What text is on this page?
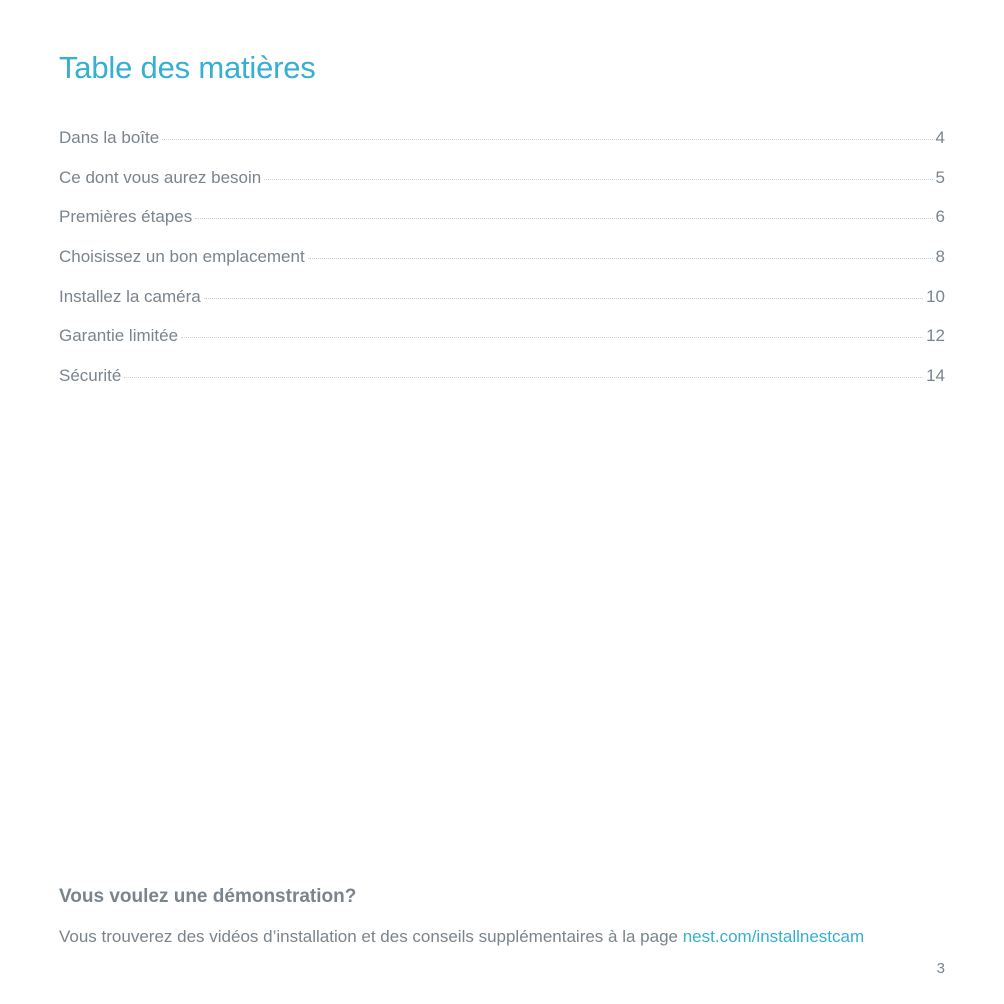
Table des matières
Dans la boîte	4
Ce dont vous aurez besoin	5
Premières étapes	6
Choisissez un bon emplacement	8
Installez la caméra	10
Garantie limitée	12
Sécurité	14
Vous voulez une démonstration?

Vous trouverez des vidéos d’installation et des conseils supplémentaires à la page nest.com/installnestcam

3
